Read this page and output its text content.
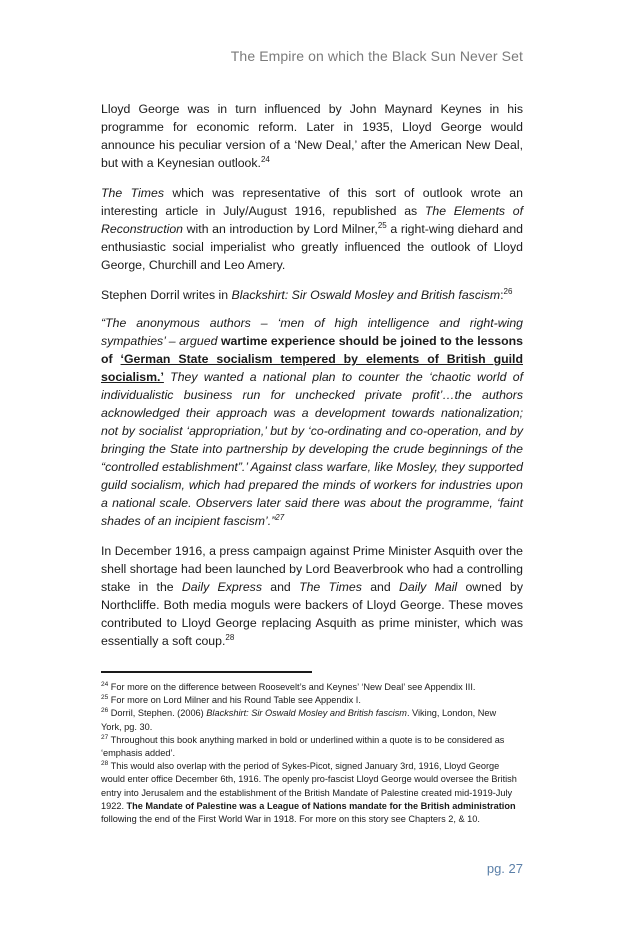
The Empire on which the Black Sun Never Set

Lloyd George was in turn influenced by John Maynard Keynes in his programme for economic reform. Later in 1935, Lloyd George would announce his peculiar version of a ‘New Deal,’ after the American New Deal, but with a Keynesian outlook.$^{24}$

The Times which was representative of this sort of outlook wrote an interesting article in July/August 1916, republished as The Elements of Reconstruction with an introduction by Lord Milner,$^{25}$ a right-wing diehard and enthusiastic social imperialist who greatly influenced the outlook of Lloyd George, Churchill and Leo Amery.

Stephen Dorril writes in Blackshirt: Sir Oswald Mosley and British fascism:$^{26}$

“The anonymous authors – ‘men of high intelligence and right-wing sympathies’ – argued wartime experience should be joined to the lessons of ‘German State socialism tempered by elements of British guild socialism.’ They wanted a national plan to counter the ‘chaotic world of individualistic business run for unchecked private profit’…the authors acknowledged their approach was a development towards nationalization; not by socialist ‘appropriation,’ but by ‘co-ordinating and co-operation, and by bringing the State into partnership by developing the crude beginnings of the “controlled establishment”.’ Against class warfare, like Mosley, they supported guild socialism, which had prepared the minds of workers for industries upon a national scale. Observers later said there was about the programme, ‘faint shades of an incipient fascism’.”$^{27}$

In December 1916, a press campaign against Prime Minister Asquith over the shell shortage had been launched by Lord Beaverbrook who had a controlling stake in the Daily Express and The Times and Daily Mail owned by Northcliffe. Both media moguls were backers of Lloyd George. These moves contributed to Lloyd George replacing Asquith as prime minister, which was essentially a soft coup.$^{28}$

$^{24}$ For more on the difference between Roosevelt’s and Keynes’ ‘New Deal’ see Appendix III.

$^{25}$ For more on Lord Milner and his Round Table see Appendix I.

$^{26}$ Dorril, Stephen. (2006) Blackshirt: Sir Oswald Mosley and British fascism. Viking, London, New York, pg. 30.

$^{27}$ Throughout this book anything marked in bold or underlined within a quote is to be considered as ‘emphasis added’.

$^{28}$ This would also overlap with the period of Sykes-Picot, signed January 3rd, 1916, Lloyd George would enter office December 6th, 1916. The openly pro-fascist Lloyd George would oversee the British entry into Jerusalem and the establishment of the British Mandate of Palestine created mid-1919-July 1922. The Mandate of Palestine was a League of Nations mandate for the British administration following the end of the First World War in 1918. For more on this story see Chapters 2, & 10.

pg. 27
